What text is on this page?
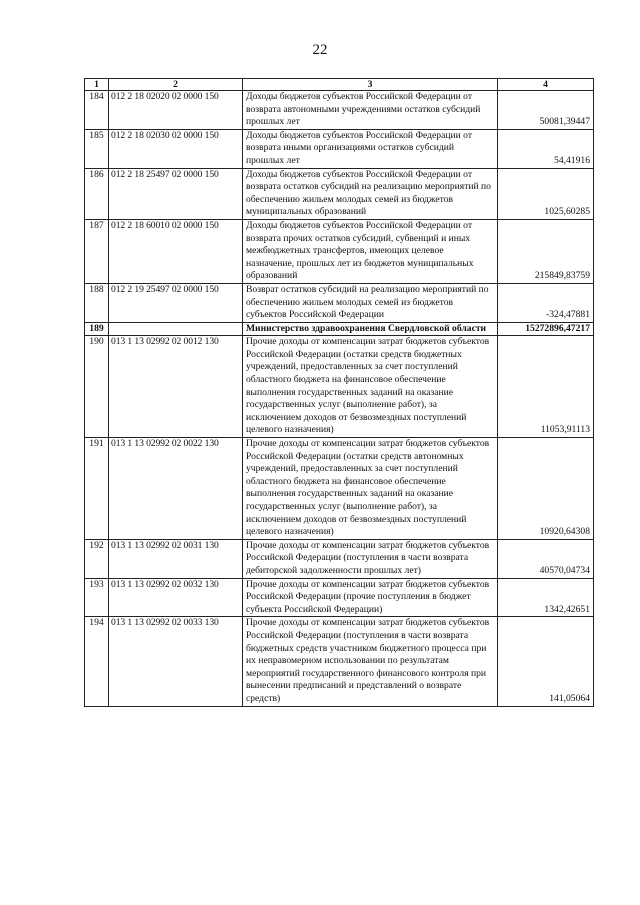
22
1	2	3	4
184	012 2 18 02020 02 0000 150	Доходы бюджетов субъектов Российской Федерации от возврата автономными учреждениями остатков субсидий прошлых лет	50081,39447
185	012 2 18 02030 02 0000 150	Доходы бюджетов субъектов Российской Федерации от возврата иными организациями остатков субсидий прошлых лет	54,41916
186	012 2 18 25497 02 0000 150	Доходы бюджетов субъектов Российской Федерации от возврата остатков субсидий на реализацию мероприятий по обеспечению жильем молодых семей из бюджетов муниципальных образований	1025,60285
187	012 2 18 60010 02 0000 150	Доходы бюджетов субъектов Российской Федерации от возврата прочих остатков субсидий, субвенций и иных межбюджетных трансфертов, имеющих целевое назначение, прошлых лет из бюджетов муниципальных образований	215849,83759
188	012 2 19 25497 02 0000 150	Возврат остатков субсидий на реализацию мероприятий по обеспечению жильем молодых семей из бюджетов субъектов Российской Федерации	-324,47881
189		Министерство здравоохранения Свердловской области	15272896,47217
190	013 1 13 02992 02 0012 130	Прочие доходы от компенсации затрат бюджетов субъектов Российской Федерации (остатки средств бюджетных учреждений, предоставленных за счет поступлений областного бюджета на финансовое обеспечение выполнения государственных заданий на оказание государственных услуг (выполнение работ), за исключением доходов от безвозмездных поступлений целевого назначения)	11053,91113
191	013 1 13 02992 02 0022 130	Прочие доходы от компенсации затрат бюджетов субъектов Российской Федерации (остатки средств автономных учреждений, предоставленных за счет поступлений областного бюджета на финансовое обеспечение выполнения государственных заданий на оказание государственных услуг (выполнение работ), за исключением доходов от безвозмездных поступлений целевого назначения)	10920,64308
192	013 1 13 02992 02 0031 130	Прочие доходы от компенсации затрат бюджетов субъектов Российской Федерации (поступления в части возврата дебиторской задолженности прошлых лет)	40570,04734
193	013 1 13 02992 02 0032 130	Прочие доходы от компенсации затрат бюджетов субъектов Российской Федерации (прочие поступления в бюджет субъекта Российской Федерации)	1342,42651
194	013 1 13 02992 02 0033 130	Прочие доходы от компенсации затрат бюджетов субъектов Российской Федерации (поступления в части возврата бюджетных средств участником бюджетного процесса при их неправомерном использовании по результатам мероприятий государственного финансового контроля при вынесении предписаний и представлений о возврате средств)	141,05064
